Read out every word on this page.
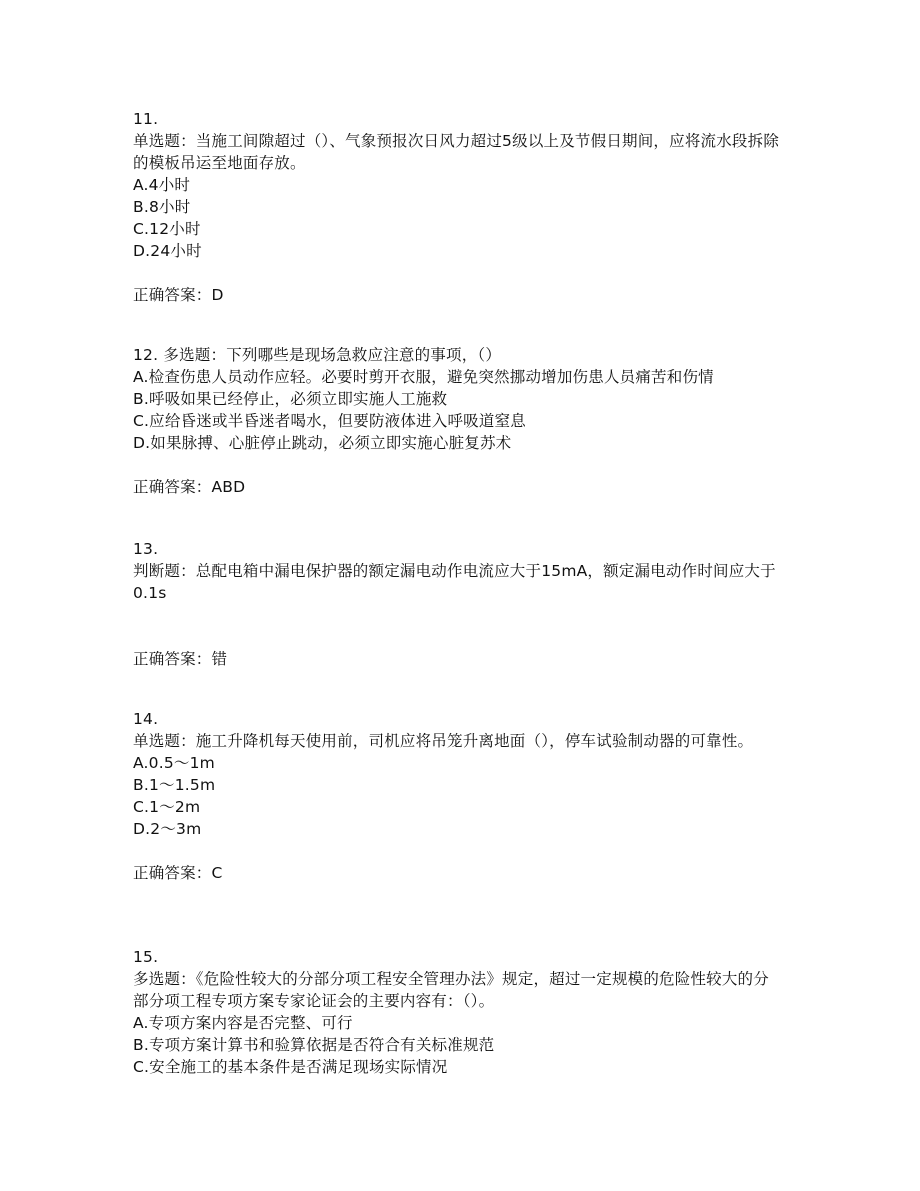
11.
单选题：当施工间隙超过（）、气象预报次日风力超过5级以上及节假日期间，应将流水段拆除的模板吊运至地面存放。
A.4小时
B.8小时
C.12小时
D.24小时
正确答案：D
12. 多选题：下列哪些是现场急救应注意的事项，（）
A.检查伤患人员动作应轻。必要时剪开衣服，避免突然挪动增加伤患人员痛苦和伤情
B.呼吸如果已经停止，必须立即实施人工施救
C.应给昏迷或半昏迷者喝水，但要防液体进入呼吸道窒息
D.如果脉搏、心脏停止跳动，必须立即实施心脏复苏术
正确答案：ABD
13.
判断题：总配电箱中漏电保护器的额定漏电动作电流应大于15mA，额定漏电动作时间应大于0.1s
正确答案：错
14.
单选题：施工升降机每天使用前，司机应将吊笼升离地面（），停车试验制动器的可靠性。
A.0.5～1m
B.1～1.5m
C.1～2m
D.2～3m
正确答案：C
15.
多选题：《危险性较大的分部分项工程安全管理办法》规定，超过一定规模的危险性较大的分部分项工程专项方案专家论证会的主要内容有：（）。
A.专项方案内容是否完整、可行
B.专项方案计算书和验算依据是否符合有关标准规范
C.安全施工的基本条件是否满足现场实际情况
